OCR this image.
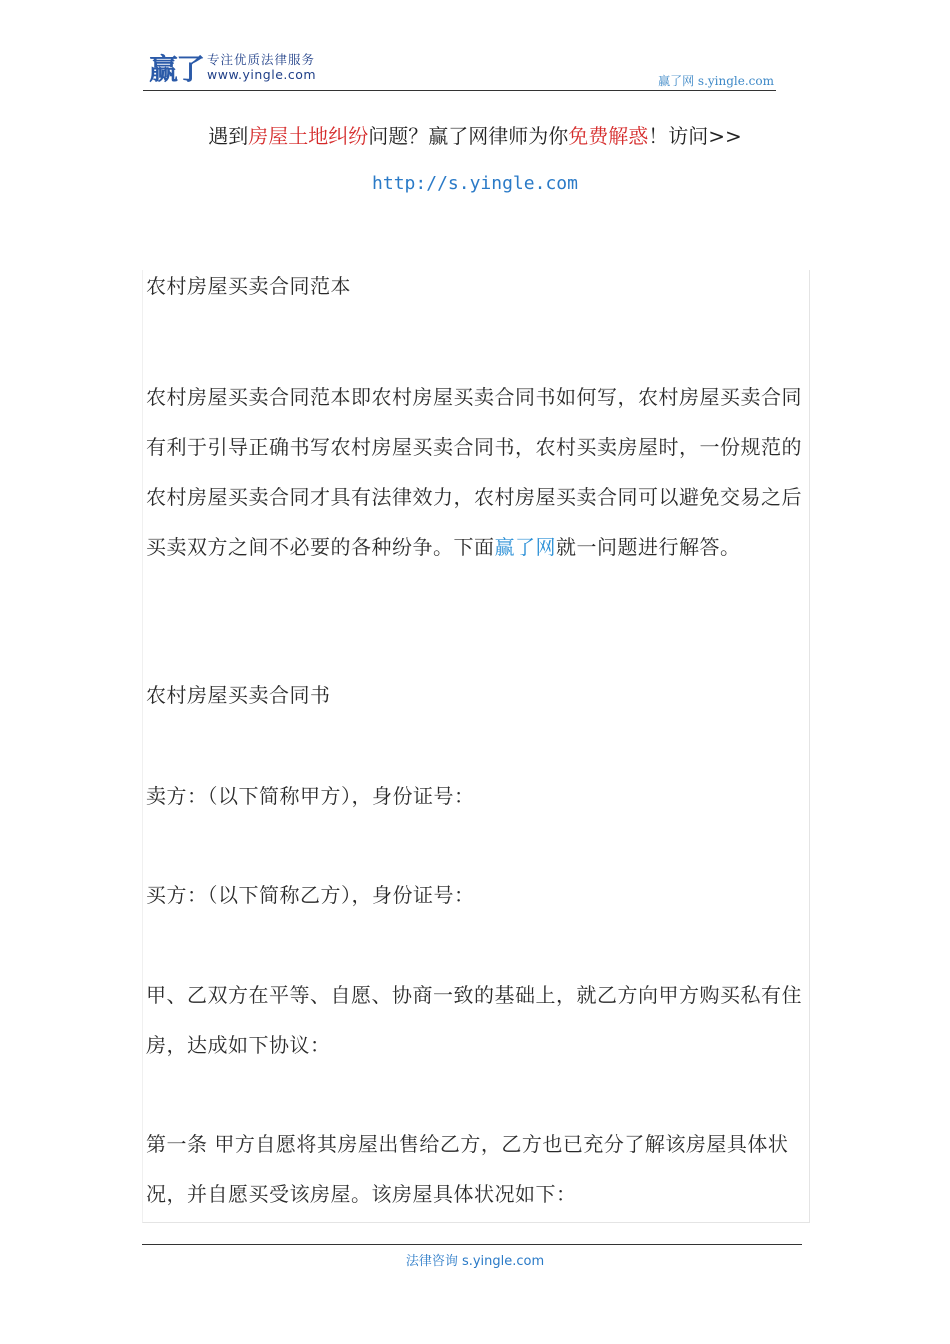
赢了 专注优质法律服务
www.yingle.com	赢了网 s.yingle.com
遇到房屋土地纠纷问题？赢了网律师为你免费解惑！访问>>
http://s.yingle.com
农村房屋买卖合同范本
农村房屋买卖合同范本即农村房屋买卖合同书如何写，农村房屋买卖合同有利于引导正确书写农村房屋买卖合同书，农村买卖房屋时，一份规范的农村房屋买卖合同才具有法律效力，农村房屋买卖合同可以避免交易之后买卖双方之间不必要的各种纷争。下面赢了网就一问题进行解答。
农村房屋买卖合同书
卖方：（以下简称甲方），身份证号：
买方：（以下简称乙方），身份证号：
甲、乙双方在平等、自愿、协商一致的基础上，就乙方向甲方购买私有住房，达成如下协议：
第一条 甲方自愿将其房屋出售给乙方，乙方也已充分了解该房屋具体状况，并自愿买受该房屋。该房屋具体状况如下：
法律咨询 s.yingle.com
